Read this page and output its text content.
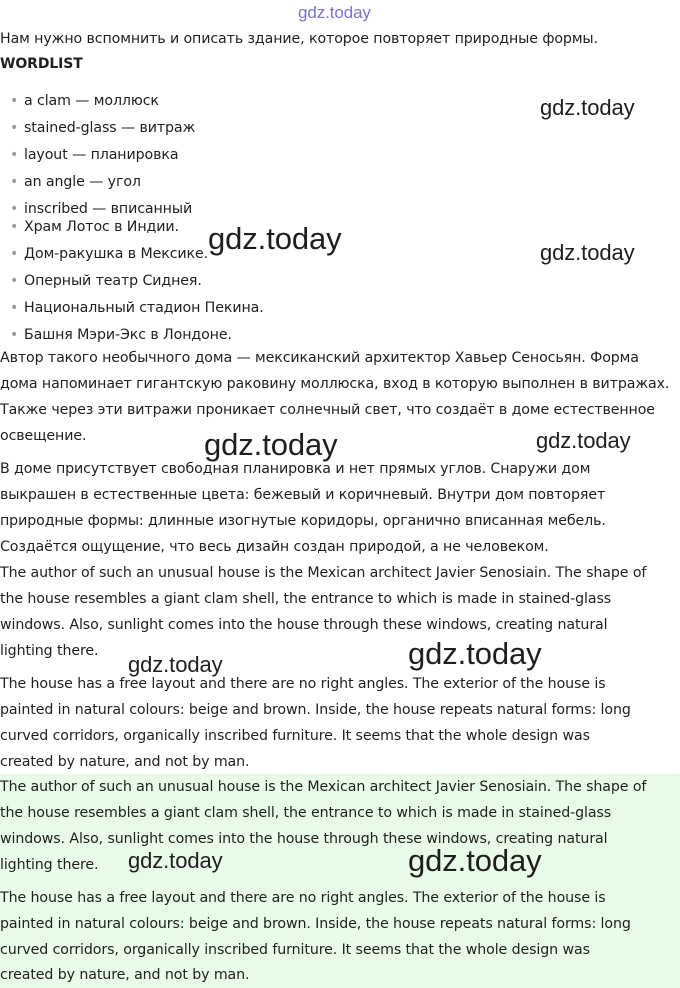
gdz.today
Нам нужно вспомнить и описать здание, которое повторяет природные формы.
WORDLIST
• a clam — моллюск
• stained-glass — витраж
• layout — планировка
• an angle — угол
• inscribed — вписанный
• Храм Лотос в Индии.
• Дом-ракушка в Мексике.
• Оперный театр Сиднея.
• Национальный стадион Пекина.
• Башня Мэри-Экс в Лондоне.
Автор такого необычного дома — мексиканский архитектор Хавьер Сеносьян. Форма
дома напоминает гигантскую раковину моллюска, вход в которую выполнен в витражах.
Также через эти витражи проникает солнечный свет, что создаёт в доме естественное
освещение.
В доме присутствует свободная планировка и нет прямых углов. Снаружи дом
выкрашен в естественные цвета: бежевый и коричневый. Внутри дом повторяет
природные формы: длинные изогнутые коридоры, органично вписанная мебель.
Создаётся ощущение, что весь дизайн создан природой, а не человеком.
The author of such an unusual house is the Mexican architect Javier Senosiain. The shape of
the house resembles a giant clam shell, the entrance to which is made in stained-glass
windows. Also, sunlight comes into the house through these windows, creating natural
lighting there.
The house has a free layout and there are no right angles. The exterior of the house is
painted in natural colours: beige and brown. Inside, the house repeats natural forms: long
curved corridors, organically inscribed furniture. It seems that the whole design was
created by nature, and not by man.
The author of such an unusual house is the Mexican architect Javier Senosiain. The shape of
the house resembles a giant clam shell, the entrance to which is made in stained-glass
windows. Also, sunlight comes into the house through these windows, creating natural
lighting there.
The house has a free layout and there are no right angles. The exterior of the house is
painted in natural colours: beige and brown. Inside, the house repeats natural forms: long
curved corridors, organically inscribed furniture. It seems that the whole design was
created by nature, and not by man.
gdz.today
gdz.today	gdz.today
gdz.today	gdz.today
gdz.today
gdz.today
gdz.today	gdz.today
